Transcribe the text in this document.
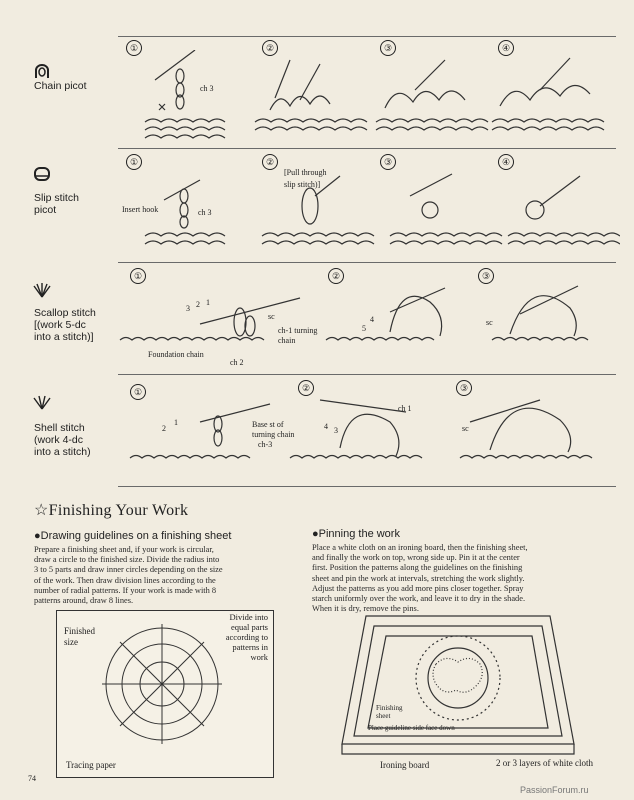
Chain picot
①	②	③	④
ch 3
Slip stitch
picot
①	②	③	④
Insert hook	ch 3
[Pull through
slip stitch)]
Scallop stitch
[(work 5-dc
into a stitch)]
①	②	③
3 2 1
sc
ch-1 turning
chain
Foundation chain
ch 2
5
4	sc
Shell stitch
(work 4-dc
into a stitch)
①	②	③
2
1	Base st of
turning chain
ch-3
4 3
ch 1
sc
☆Finishing Your Work
●Drawing guidelines on a finishing sheet
Prepare a finishing sheet and, if your work is circular,
draw a circle to the finished size. Divide the radius into
3 to 5 parts and draw inner circles depending on the size
of the work. Then draw division lines according to the
number of radial patterns. If your work is made with 8
patterns around, draw 8 lines.
Finished
size
Divide into
equal parts
according to
patterns in
work
Tracing paper
●Pinning the work
Place a white cloth on an ironing board, then the finishing sheet,
and finally the work on top, wrong side up. Pin it at the center
first. Position the patterns along the guidelines on the finishing
sheet and pin the work at intervals, stretching the work slightly.
Adjust the patterns as you add more pins closer together. Spray
starch uniformly over the work, and leave it to dry in the shade.
When it is dry, remove the pins.
Finishing
sheet
Place guideline side face down
Ironing board	2 or 3 layers of white cloth
74
PassionForum.ru
